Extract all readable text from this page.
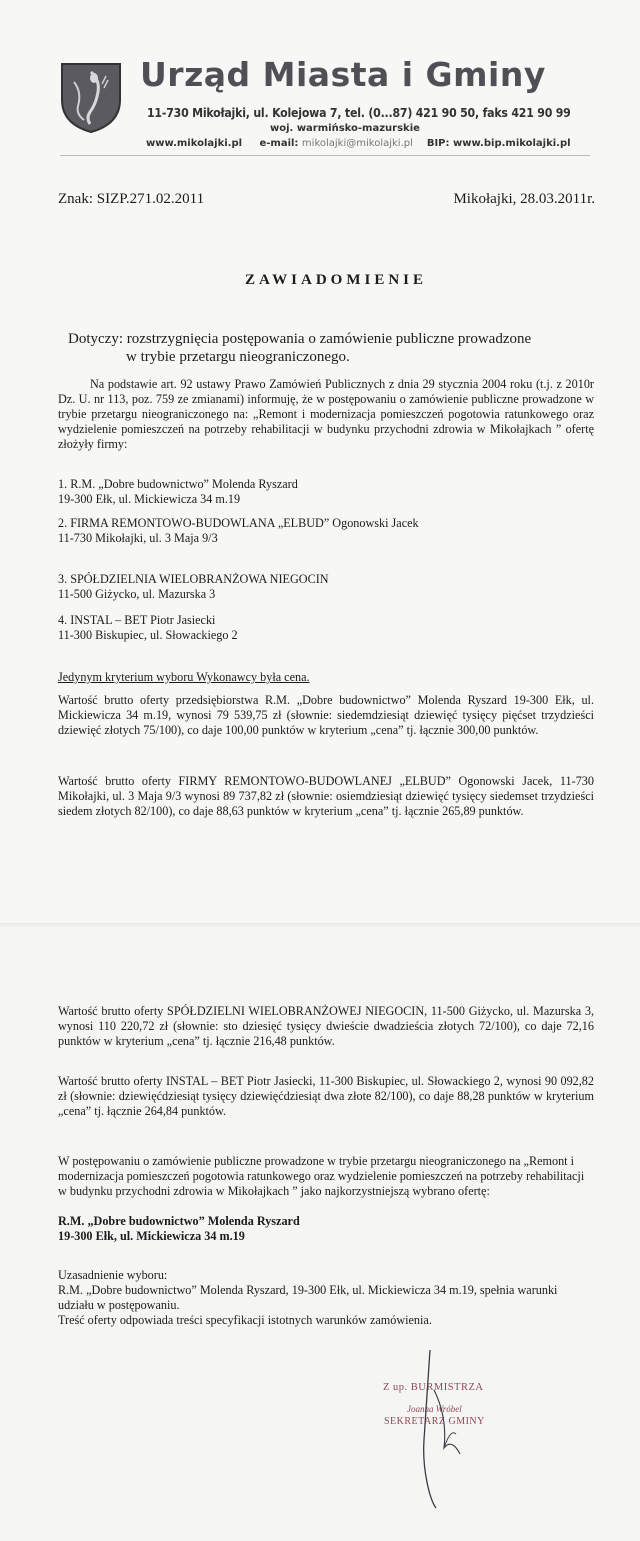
Urząd Miasta i Gminy
11-730 Mikołajki, ul. Kolejowa 7, tel. (0...87) 421 90 50, faks 421 90 99
woj. warmińsko-mazurskie
www.mikolajki.pl e-mail: mikolajki@mikolajki.pl BIP: www.bip.mikolajki.pl
Znak: SIZP.271.02.2011	Mikołajki, 28.03.2011r.
ZAWIADOMIENIE
Dotyczy: rozstrzygnięcia postępowania o zamówienie publiczne prowadzone
w trybie przetargu nieograniczonego.
Na podstawie art. 92 ustawy Prawo Zamówień Publicznych z dnia 29 stycznia 2004 roku (t.j. z 2010r Dz. U. nr 113, poz. 759 ze zmianami) informuję, że w postępowaniu o zamówienie publiczne prowadzone w trybie przetargu nieograniczonego na: „Remont i modernizacja pomieszczeń pogotowia ratunkowego oraz wydzielenie pomieszczeń na potrzeby rehabilitacji w budynku przychodni zdrowia w Mikołajkach ” ofertę złożyły firmy:
1. R.M. „Dobre budownictwo” Molenda Ryszard
19-300 Ełk, ul. Mickiewicza 34 m.19
2. FIRMA REMONTOWO-BUDOWLANA „ELBUD” Ogonowski Jacek
11-730 Mikołajki, ul. 3 Maja 9/3
3. SPÓŁDZIELNIA WIELOBRANŻOWA NIEGOCIN
11-500 Giżycko, ul. Mazurska 3
4. INSTAL – BET Piotr Jasiecki
11-300 Biskupiec, ul. Słowackiego 2
Jedynym kryterium wyboru Wykonawcy była cena.
Wartość brutto oferty przedsiębiorstwa R.M. „Dobre budownictwo” Molenda Ryszard 19-300 Ełk, ul. Mickiewicza 34 m.19, wynosi 79 539,75 zł (słownie: siedemdziesiąt dziewięć tysięcy pięćset trzydzieści dziewięć złotych 75/100), co daje 100,00 punktów w kryterium „cena” tj. łącznie 300,00 punktów.
Wartość brutto oferty FIRMY REMONTOWO-BUDOWLANEJ „ELBUD” Ogonowski Jacek, 11-730 Mikołajki, ul. 3 Maja 9/3 wynosi 89 737,82 zł (słownie: osiemdziesiąt dziewięć tysięcy siedemset trzydzieści siedem złotych 82/100), co daje 88,63 punktów w kryterium „cena” tj. łącznie 265,89 punktów.
Wartość brutto oferty SPÓŁDZIELNI WIELOBRANŻOWEJ NIEGOCIN, 11-500 Giżycko, ul. Mazurska 3, wynosi 110 220,72 zł (słownie: sto dziesięć tysięcy dwieście dwadzieścia złotych 72/100), co daje 72,16 punktów w kryterium „cena” tj. łącznie 216,48 punktów.
Wartość brutto oferty INSTAL – BET Piotr Jasiecki, 11-300 Biskupiec, ul. Słowackiego 2, wynosi 90 092,82 zł (słownie: dziewięćdziesiąt tysięcy dziewięćdziesiąt dwa złote 82/100), co daje 88,28 punktów w kryterium „cena” tj. łącznie 264,84 punktów.
W postępowaniu o zamówienie publiczne prowadzone w trybie przetargu nieograniczonego na „Remont i modernizacja pomieszczeń pogotowia ratunkowego oraz wydzielenie pomieszczeń na potrzeby rehabilitacji w budynku przychodni zdrowia w Mikołajkach ” jako najkorzystniejszą wybrano ofertę:
R.M. „Dobre budownictwo” Molenda Ryszard
19-300 Ełk, ul. Mickiewicza 34 m.19
Uzasadnienie wyboru:
R.M. „Dobre budownictwo” Molenda Ryszard, 19-300 Ełk, ul. Mickiewicza 34 m.19, spełnia warunki udziału w postępowaniu.
Treść oferty odpowiada treści specyfikacji istotnych warunków zamówienia.
Z up. BURMISTRZA
Joanna Wróbel
SEKRETARZ GMINY
